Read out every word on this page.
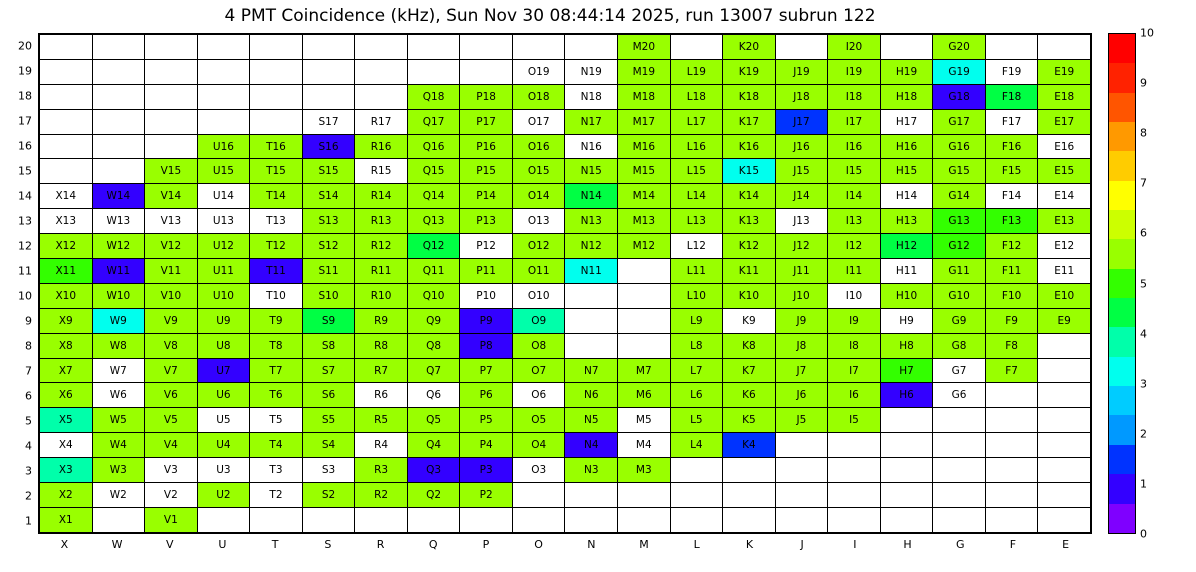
4 PMT Coincidence (kHz), Sun Nov 30 08:44:14 2025, run 13007 subrun 122
20
19
18
17
16
15
14
13
12
11
10
9
8
7
6
5
4
3
2
1
											M20		K20		I20		G20		
									O19	N19	M19	L19	K19	J19	I19	H19	G19	F19	E19
							Q18	P18	O18	N18	M18	L18	K18	J18	I18	H18	G18	F18	E18
					S17	R17	Q17	P17	O17	N17	M17	L17	K17	J17	I17	H17	G17	F17	E17
			U16	T16	S16	R16	Q16	P16	O16	N16	M16	L16	K16	J16	I16	H16	G16	F16	E16
		V15	U15	T15	S15	R15	Q15	P15	O15	N15	M15	L15	K15	J15	I15	H15	G15	F15	E15
X14	W14	V14	U14	T14	S14	R14	Q14	P14	O14	N14	M14	L14	K14	J14	I14	H14	G14	F14	E14
X13	W13	V13	U13	T13	S13	R13	Q13	P13	O13	N13	M13	L13	K13	J13	I13	H13	G13	F13	E13
X12	W12	V12	U12	T12	S12	R12	Q12	P12	O12	N12	M12	L12	K12	J12	I12	H12	G12	F12	E12
X11	W11	V11	U11	T11	S11	R11	Q11	P11	O11	N11		L11	K11	J11	I11	H11	G11	F11	E11
X10	W10	V10	U10	T10	S10	R10	Q10	P10	O10			L10	K10	J10	I10	H10	G10	F10	E10
X9	W9	V9	U9	T9	S9	R9	Q9	P9	O9			L9	K9	J9	I9	H9	G9	F9	E9
X8	W8	V8	U8	T8	S8	R8	Q8	P8	O8			L8	K8	J8	I8	H8	G8	F8	
X7	W7	V7	U7	T7	S7	R7	Q7	P7	O7	N7	M7	L7	K7	J7	I7	H7	G7	F7	
X6	W6	V6	U6	T6	S6	R6	Q6	P6	O6	N6	M6	L6	K6	J6	I6	H6	G6		
X5	W5	V5	U5	T5	S5	R5	Q5	P5	O5	N5	M5	L5	K5	J5	I5				
X4	W4	V4	U4	T4	S4	R4	Q4	P4	O4	N4	M4	L4	K4						
X3	W3	V3	U3	T3	S3	R3	Q3	P3	O3	N3	M3								
X2	W2	V2	U2	T2	S2	R2	Q2	P2											
X1		V1																	
X	W	V	U	T	S	R	Q	P	O	N	M	L	K	J	I	H	G	F	E
0
1
2
3
4
5
6
7
8
9
10
